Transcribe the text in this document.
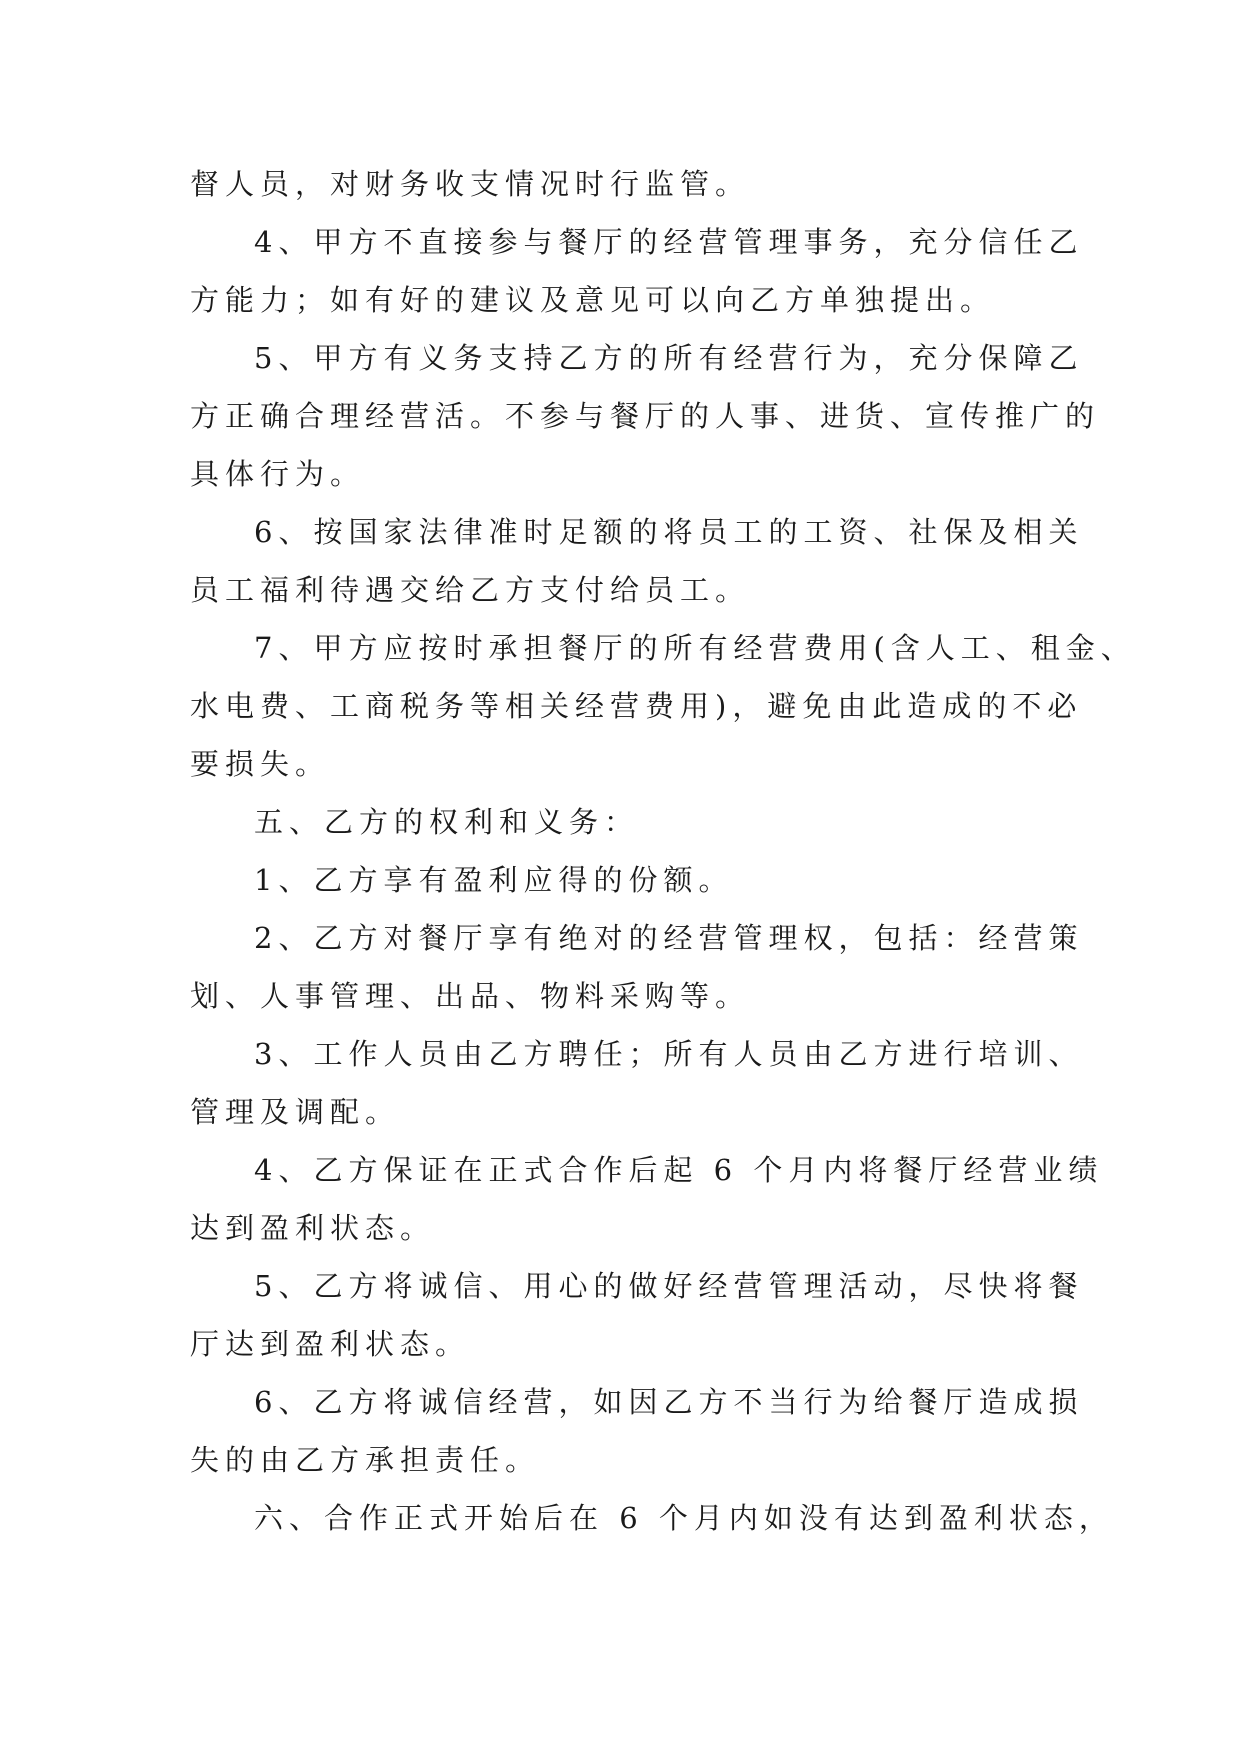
督人员，对财务收支情况时行监管。
4、甲方不直接参与餐厅的经营管理事务，充分信任乙
方能力；如有好的建议及意见可以向乙方单独提出。
5、甲方有义务支持乙方的所有经营行为，充分保障乙
方正确合理经营活。不参与餐厅的人事、进货、宣传推广的
具体行为。
6、按国家法律准时足额的将员工的工资、社保及相关
员工福利待遇交给乙方支付给员工。
7、甲方应按时承担餐厅的所有经营费用(含人工、租金、
水电费、工商税务等相关经营费用)，避免由此造成的不必
要损失。
五、乙方的权利和义务：
1、乙方享有盈利应得的份额。
2、乙方对餐厅享有绝对的经营管理权，包括：经营策
划、人事管理、出品、物料采购等。
3、工作人员由乙方聘任；所有人员由乙方进行培训、
管理及调配。
4、乙方保证在正式合作后起 6 个月内将餐厅经营业绩
达到盈利状态。
5、乙方将诚信、用心的做好经营管理活动，尽快将餐
厅达到盈利状态。
6、乙方将诚信经营，如因乙方不当行为给餐厅造成损
失的由乙方承担责任。
六、合作正式开始后在 6 个月内如没有达到盈利状态，
